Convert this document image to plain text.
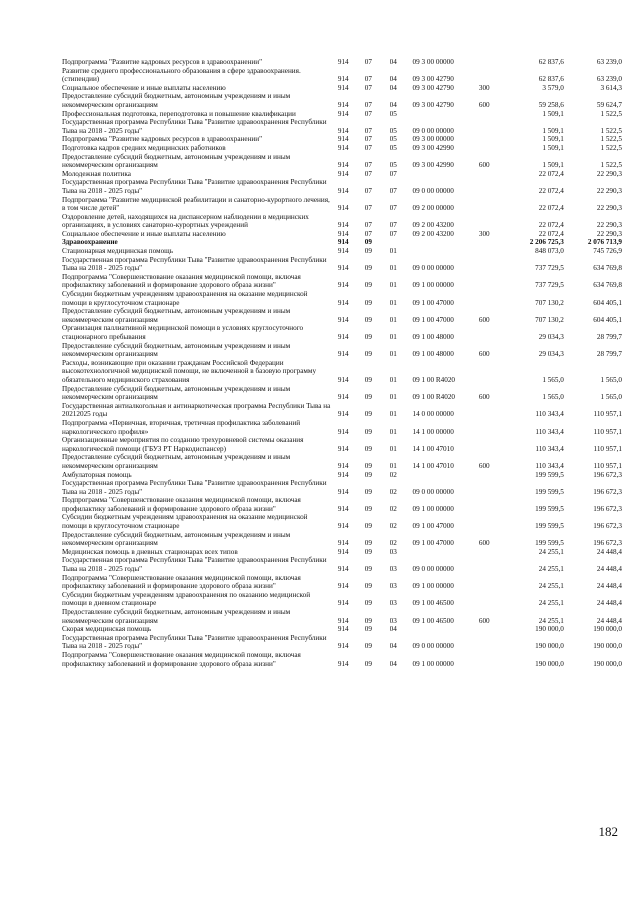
Подпрограмма "Развитие кадровых ресурсов в здравоохранении"	914	07	04	09 3 00 00000		62 837,6	63 239,0
Развитие среднего профессионального образования в сфере здравоохранения. (стипендии)	914	07	04	09 3 00 42790		62 837,6	63 239,0
Социальное обеспечение и иные выплаты населению	914	07	04	09 3 00 42790	300	3 579,0	3 614,3
Предоставление субсидий бюджетным, автономным учреждениям и иным некоммерческим организациям	914	07	04	09 3 00 42790	600	59 258,6	59 624,7
Профессиональная подготовка, переподготовка и повышение квалификации	914	07	05			1 509,1	1 522,5
Государственная программа Республики Тыва "Развитие здравоохранения Республики Тыва на 2018 - 2025 годы"	914	07	05	09 0 00 00000		1 509,1	1 522,5
Подпрограмма "Развитие кадровых ресурсов в здравоохранении"	914	07	05	09 3 00 00000		1 509,1	1 522,5
Подготовка кадров средних медицинских работников	914	07	05	09 3 00 42990		1 509,1	1 522,5
Предоставление субсидий бюджетным, автономным учреждениям и иным некоммерческим организациям	914	07	05	09 3 00 42990	600	1 509,1	1 522,5
Молодежная политика	914	07	07			22 072,4	22 290,3
Государственная программа Республики Тыва "Развитие здравоохранения Республики Тыва на 2018 - 2025 годы"	914	07	07	09 0 00 00000		22 072,4	22 290,3
Подпрограмма "Развитие медицинской реабилитации и санаторно-курортного лечения, в том числе детей"	914	07	07	09 2 00 00000		22 072,4	22 290,3
Оздоровление детей, находящихся на диспансерном наблюдении в медицинских организациях, в условиях санаторно-курортных учреждений	914	07	07	09 2 00 43200		22 072,4	22 290,3
Социальное обеспечение и иные выплаты населению	914	07	07	09 2 00 43200	300	22 072,4	22 290,3
Здравоохранение	914	09				2 206 725,3	2 076 713,9
Стационарная медицинская помощь	914	09	01			848 073,0	745 726,9
Государственная программа Республики Тыва "Развитие здравоохранения Республики Тыва на 2018 - 2025 годы"	914	09	01	09 0 00 00000		737 729,5	634 769,8
Подпрограмма "Совершенствование оказания медицинской помощи, включая профилактику заболеваний и формирование здорового образа жизни"	914	09	01	09 1 00 00000		737 729,5	634 769,8
Субсидии бюджетным учреждениям здравоохранения на оказание медицинской помощи в круглосуточном стационаре	914	09	01	09 1 00 47000		707 130,2	604 405,1
Предоставление субсидий бюджетным, автономным учреждениям и иным некоммерческим организациям	914	09	01	09 1 00 47000	600	707 130,2	604 405,1
Организация паллиативной медицинской помощи в условиях круглосуточного стационарного пребывания	914	09	01	09 1 00 48000		29 034,3	28 799,7
Предоставление субсидий бюджетным, автономным учреждениям и иным некоммерческим организациям	914	09	01	09 1 00 48000	600	29 034,3	28 799,7
Расходы, возникающие при оказании гражданам Российской Федерации высокотехнологичной медицинской помощи, не включенной в базовую программу обязательного медицинского страхования	914	09	01	09 1 00 R4020		1 565,0	1 565,0
Предоставление субсидий бюджетным, автономным учреждениям и иным некоммерческим организациям	914	09	01	09 1 00 R4020	600	1 565,0	1 565,0
Государственная антиалкогольная и антинаркотическая программа Республики Тыва на 20212025 годы	914	09	01	14 0 00 00000		110 343,4	110 957,1
Подпрограмма «Первичная, вторичная, третичная профилактика заболеваний наркологического профиля»	914	09	01	14 1 00 00000		110 343,4	110 957,1
Организационные мероприятия по созданию трехуровневой системы оказания наркологической помощи (ГБУЗ РТ Наркодиспансер)	914	09	01	14 1 00 47010		110 343,4	110 957,1
Предоставление субсидий бюджетным, автономным учреждениям и иным некоммерческим организациям	914	09	01	14 1 00 47010	600	110 343,4	110 957,1
Амбулаторная помощь	914	09	02			199 599,5	196 672,3
Государственная программа Республики Тыва "Развитие здравоохранения Республики Тыва на 2018 - 2025 годы"	914	09	02	09 0 00 00000		199 599,5	196 672,3
Подпрограмма "Совершенствование оказания медицинской помощи, включая профилактику заболеваний и формирование здорового образа жизни"	914	09	02	09 1 00 00000		199 599,5	196 672,3
Субсидии бюджетным учреждениям здравоохранения на оказание медицинской помощи в круглосуточном стационаре	914	09	02	09 1 00 47000		199 599,5	196 672,3
Предоставление субсидий бюджетным, автономным учреждениям и иным некоммерческим организациям	914	09	02	09 1 00 47000	600	199 599,5	196 672,3
Медицинская помощь в дневных стационарах всех типов	914	09	03			24 255,1	24 448,4
Государственная программа Республики Тыва "Развитие здравоохранения Республики Тыва на 2018 - 2025 годы"	914	09	03	09 0 00 00000		24 255,1	24 448,4
Подпрограмма "Совершенствование оказания медицинской помощи, включая профилактику заболеваний и формирование здорового образа жизни"	914	09	03	09 1 00 00000		24 255,1	24 448,4
Субсидии бюджетным учреждениям здравоохранения по оказанию медицинской помощи в дневном стационаре	914	09	03	09 1 00 46500		24 255,1	24 448,4
Предоставление субсидий бюджетным, автономным учреждениям и иным некоммерческим организациям	914	09	03	09 1 00 46500	600	24 255,1	24 448,4
Скорая медицинская помощь	914	09	04			190 000,0	190 000,0
Государственная программа Республики Тыва "Развитие здравоохранения Республики Тыва на 2018 - 2025 годы"	914	09	04	09 0 00 00000		190 000,0	190 000,0
Подпрограмма "Совершенствование оказания медицинской помощи, включая профилактику заболеваний и формирование здорового образа жизни"	914	09	04	09 1 00 00000		190 000,0	190 000,0
182
